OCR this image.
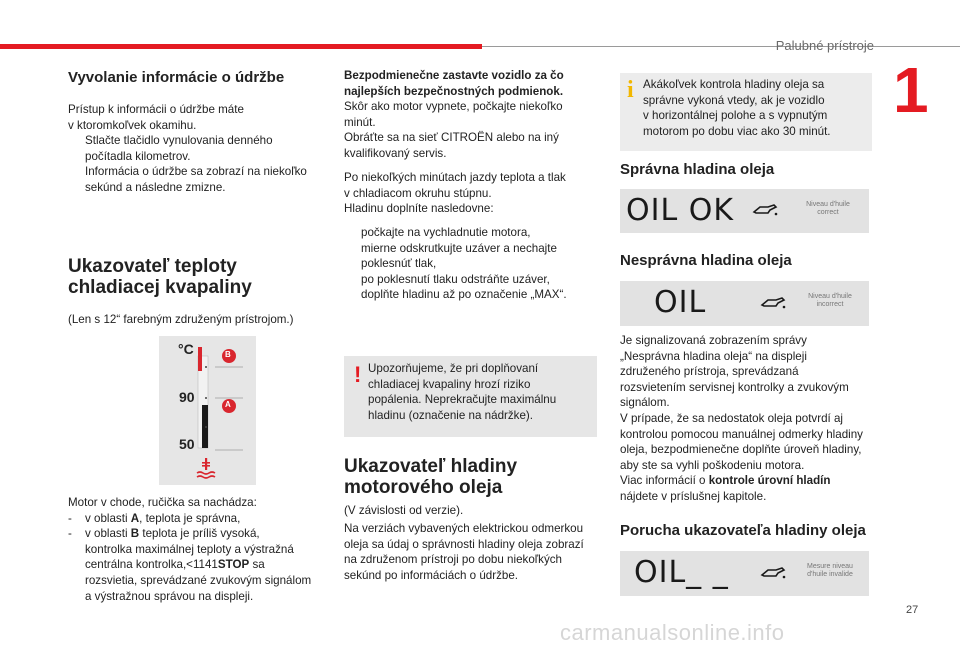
Palubné prístroje
1
Vyvolanie informácie o údržbe

Prístup k informácii o údržbe máte

v ktoromkoľvek okamihu.

Stlačte tlačidlo vynulovania denného

počítadla kilometrov.

Informácia o údržbe sa zobrazí na niekoľko

sekúnd a následne zmizne.

Ukazovateľ teploty
chladiacej kvapaliny
(Len s 12“ farebným združeným prístrojom.)
°C
90
50
B
A

Motor v chode, ručička sa nachádza:

- v oblasti A, teplota je správna,

- v oblasti B teplota je príliš vysoká,

kontrolka maximálnej teploty a výstražná

centrálna kontrolka,<1141STOP sa

rozsvietia, sprevádzané zvukovým signálom

a výstražnou správou na displeji.

Bezpodmienečne zastavte vozidlo za čo

najlepších bezpečnostných podmienok.

Skôr ako motor vypnete, počkajte niekoľko

minút.

Obráťte sa na sieť CITROËN alebo na iný

kvalifikovaný servis.

Po niekoľkých minútach jazdy teplota a tlak

v chladiacom okruhu stúpnu.

Hladinu doplníte nasledovne:

počkajte na vychladnutie motora,

mierne odskrutkujte uzáver a nechajte

poklesnúť tlak,

po poklesnutí tlaku odstráňte uzáver,

doplňte hladinu až po označenie „MAX“.

! Upozorňujeme, že pri doplňovaní

chladiacej kvapaliny hrozí riziko

popálenia. Neprekračujte maximálnu

hladinu (označenie na nádržke).

Ukazovateľ hladiny
motorového oleja
(V závislosti od verzie).

Na verziách vybavených elektrickou odmerkou

oleja sa údaj o správnosti hladiny oleja zobrazí

na združenom prístroji po dobu niekoľkých

sekúnd po informáciách o údržbe.

i Akákoľvek kontrola hladiny oleja sa

správne vykoná vtedy, ak je vozidlo

v horizontálnej polohe a s vypnutým

motorom po dobu viac ako 30 minút.

Správna hladina oleja
OIL OK	Niveau d'huile
correct
Nesprávna hladina oleja
OIL	Niveau d'huile
incorrect

Je signalizovaná zobrazením správy

„Nesprávna hladina oleja“ na displeji

združeného prístroja, sprevádzaná

rozsvietením servisnej kontrolky a zvukovým

signálom.

V prípade, že sa nedostatok oleja potvrdí aj

kontrolou pomocou manuálnej odmerky hladiny

oleja, bezpodmienečne doplňte úroveň hladiny,

aby ste sa vyhli poškodeniu motora.

Viac informácií o kontrole úrovní hladín

nájdete v príslušnej kapitole.

Porucha ukazovateľa hladiny oleja
OIL_ _	Mesure niveau
d'huile invalide
27
carmanualsonline.info
